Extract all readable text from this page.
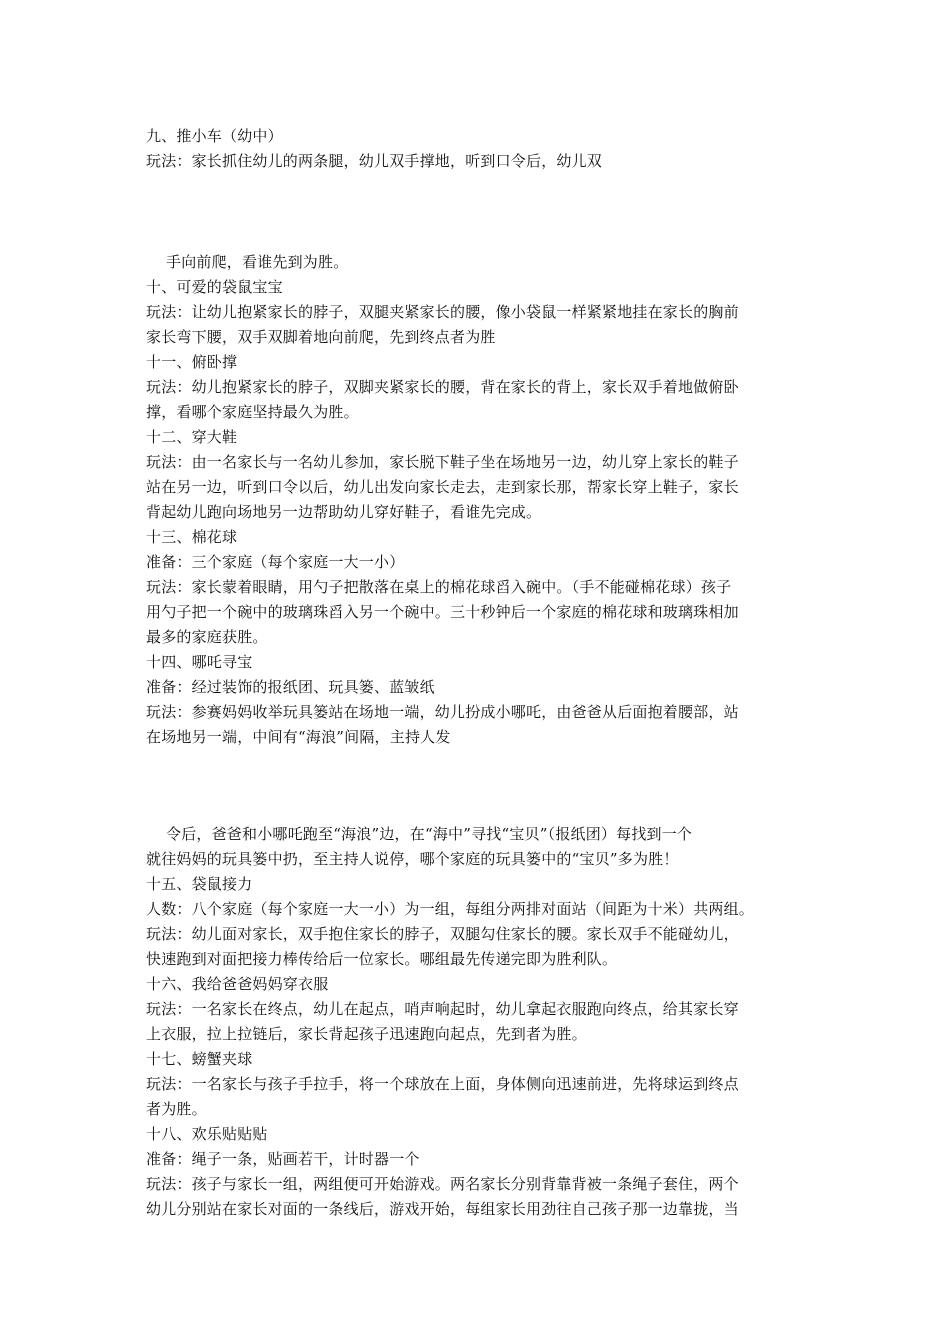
九、推小车（幼中）
玩法：家长抓住幼儿的两条腿，幼儿双手撑地，听到口令后，幼儿双
手向前爬，看谁先到为胜。
十、可爱的袋鼠宝宝
玩法：让幼儿抱紧家长的脖子，双腿夹紧家长的腰，像小袋鼠一样紧紧地挂在家长的胸前
家长弯下腰，双手双脚着地向前爬，先到终点者为胜
十一、俯卧撑
玩法：幼儿抱紧家长的脖子，双脚夹紧家长的腰，背在家长的背上，家长双手着地做俯卧
撑，看哪个家庭坚持最久为胜。
十二、穿大鞋
玩法：由一名家长与一名幼儿参加，家长脱下鞋子坐在场地另一边，幼儿穿上家长的鞋子
站在另一边，听到口令以后，幼儿出发向家长走去，走到家长那，帮家长穿上鞋子，家长
背起幼儿跑向场地另一边帮助幼儿穿好鞋子，看谁先完成。
十三、棉花球
准备：三个家庭（每个家庭一大一小）
玩法：家长蒙着眼睛，用勺子把散落在桌上的棉花球舀入碗中。（手不能碰棉花球）孩子
用勺子把一个碗中的玻璃珠舀入另一个碗中。三十秒钟后一个家庭的棉花球和玻璃珠相加
最多的家庭获胜。
十四、哪吒寻宝
准备：经过装饰的报纸团、玩具篓、蓝皱纸
玩法：参赛妈妈收举玩具篓站在场地一端，幼儿扮成小哪吒，由爸爸从后面抱着腰部，站
在场地另一端，中间有“海浪”间隔，主持人发
令后，爸爸和小哪吒跑至“海浪”边，在“海中”寻找“宝贝”（报纸团）每找到一个
就往妈妈的玩具篓中扔，至主持人说停，哪个家庭的玩具篓中的“宝贝”多为胜！
十五、袋鼠接力
人数：八个家庭（每个家庭一大一小）为一组，每组分两排对面站（间距为十米）共两组。
玩法：幼儿面对家长，双手抱住家长的脖子，双腿勾住家长的腰。家长双手不能碰幼儿，
快速跑到对面把接力棒传给后一位家长。哪组最先传递完即为胜利队。
十六、我给爸爸妈妈穿衣服
玩法：一名家长在终点，幼儿在起点，哨声响起时，幼儿拿起衣服跑向终点，给其家长穿
上衣服，拉上拉链后，家长背起孩子迅速跑向起点，先到者为胜。
十七、螃蟹夹球
玩法：一名家长与孩子手拉手，将一个球放在上面，身体侧向迅速前进，先将球运到终点
者为胜。
十八、欢乐贴贴贴
准备：绳子一条，贴画若干，计时器一个
玩法：孩子与家长一组，两组便可开始游戏。两名家长分别背靠背被一条绳子套住，两个
幼儿分别站在家长对面的一条线后，游戏开始，每组家长用劲往自己孩子那一边靠拢，当
